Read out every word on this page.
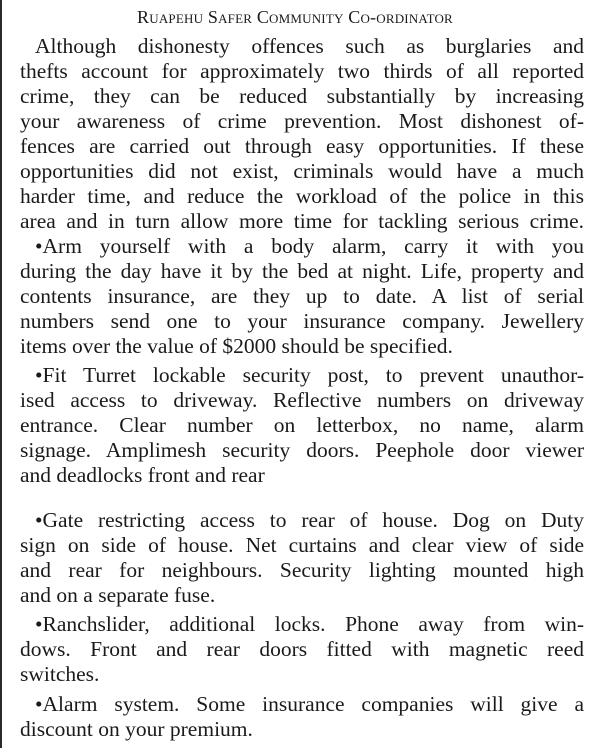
Ruapehu Safer Community Co-ordinator
Although dishonesty offences such as burglaries and
thefts account for approximately two thirds of all reported
crime, they can be reduced substantially by increasing
your awareness of crime prevention. Most dishonest of-
fences are carried out through easy opportunities. If these
opportunities did not exist, criminals would have a much
harder time, and reduce the workload of the police in this
area and in turn allow more time for tackling serious crime.
•Arm yourself with a body alarm, carry it with you
during the day have it by the bed at night. Life, property and
contents insurance, are they up to date. A list of serial
numbers send one to your insurance company. Jewellery
items over the value of $2000 should be specified.
•Fit Turret lockable security post, to prevent unauthor-
ised access to driveway. Reflective numbers on driveway
entrance. Clear number on letterbox, no name, alarm
signage. Amplimesh security doors. Peephole door viewer
and deadlocks front and rear
•Gate restricting access to rear of house. Dog on Duty
sign on side of house. Net curtains and clear view of side
and rear for neighbours. Security lighting mounted high
and on a separate fuse.
•Ranchslider, additional locks. Phone away from win-
dows. Front and rear doors fitted with magnetic reed
switches.
•Alarm system. Some insurance companies will give a
discount on your premium.
